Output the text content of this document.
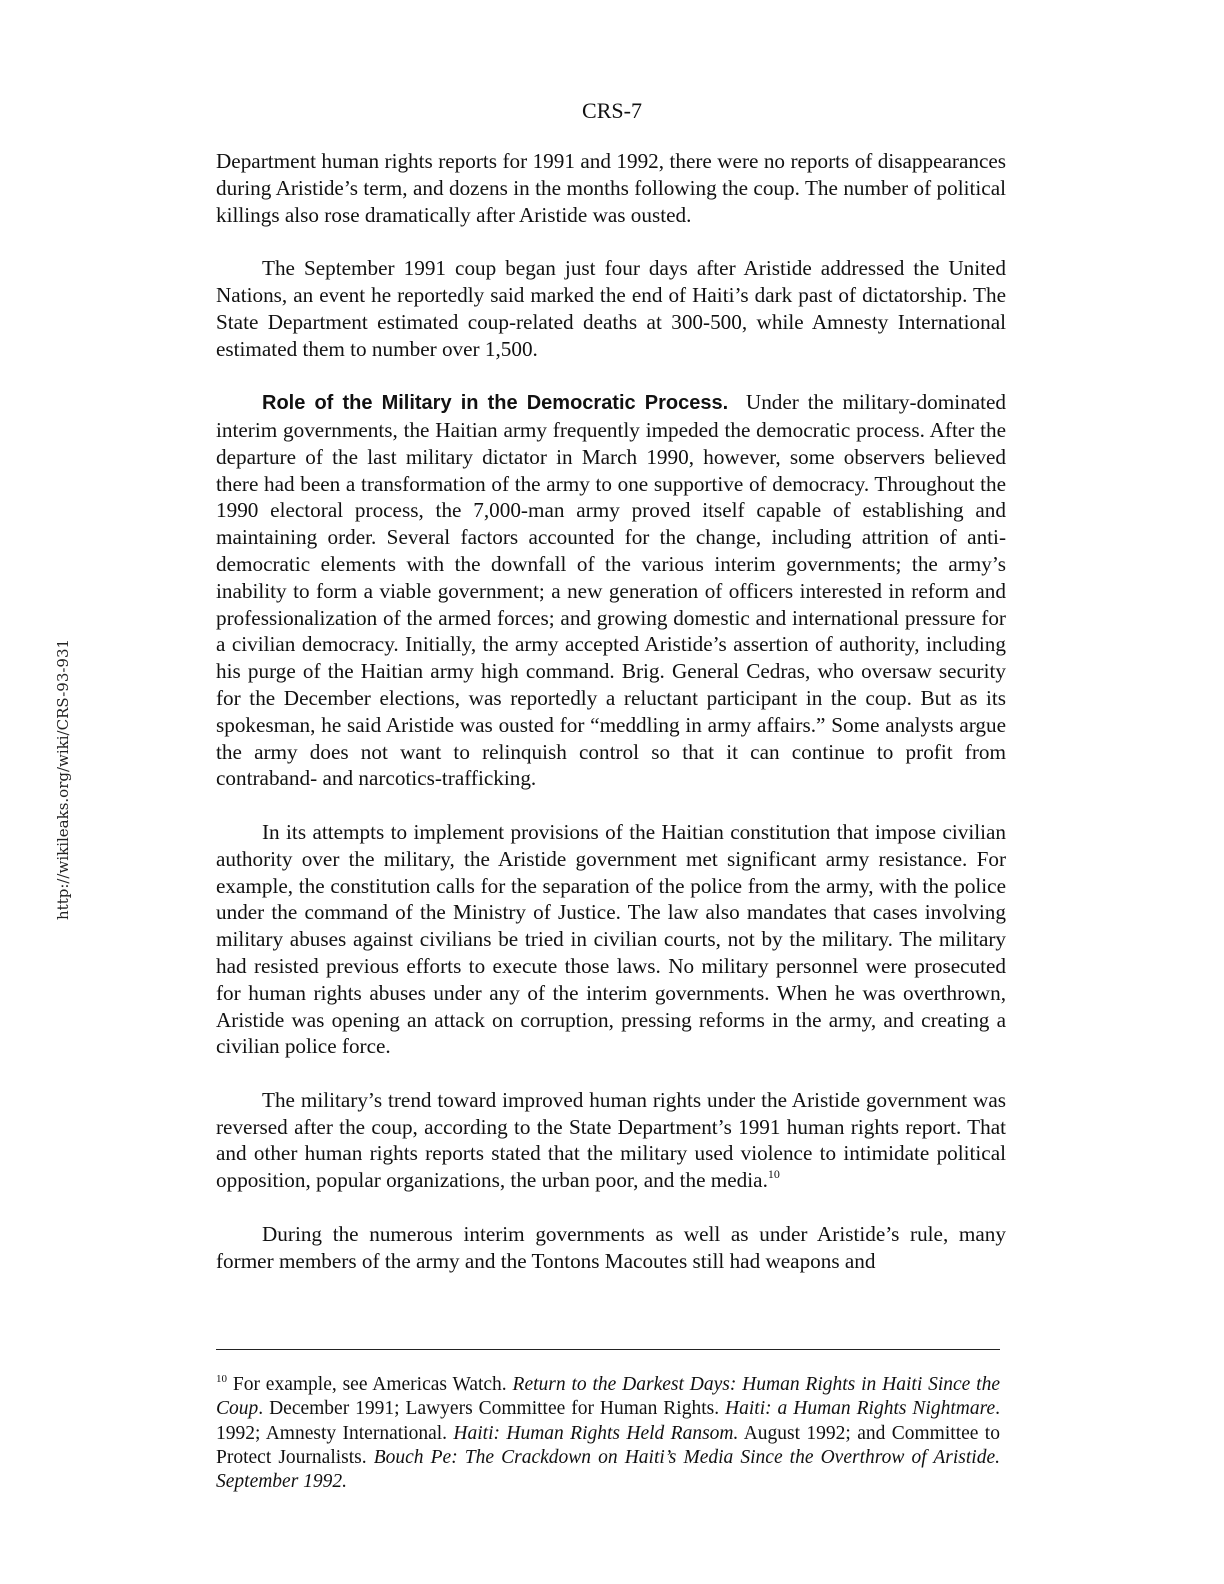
CRS-7
http://wikileaks.org/wiki/CRS-93-931

Department human rights reports for 1991 and 1992, there were no reports of disappearances during Aristide’s term, and dozens in the months following the coup. The number of political killings also rose dramatically after Aristide was ousted.

The September 1991 coup began just four days after Aristide addressed the United Nations, an event he reportedly said marked the end of Haiti’s dark past of dictatorship. The State Department estimated coup-related deaths at 300-500, while Amnesty International estimated them to number over 1,500.

Role of the Military in the Democratic Process. Under the military-dominated interim governments, the Haitian army frequently impeded the democratic process. After the departure of the last military dictator in March 1990, however, some observers believed there had been a transformation of the army to one supportive of democracy. Throughout the 1990 electoral process, the 7,000-man army proved itself capable of establishing and maintaining order. Several factors accounted for the change, including attrition of anti-democratic elements with the downfall of the various interim governments; the army’s inability to form a viable government; a new generation of officers interested in reform and professionalization of the armed forces; and growing domestic and international pressure for a civilian democracy. Initially, the army accepted Aristide’s assertion of authority, including his purge of the Haitian army high command. Brig. General Cedras, who oversaw security for the December elections, was reportedly a reluctant participant in the coup. But as its spokesman, he said Aristide was ousted for “meddling in army affairs.” Some analysts argue the army does not want to relinquish control so that it can continue to profit from contraband- and narcotics-trafficking.

In its attempts to implement provisions of the Haitian constitution that impose civilian authority over the military, the Aristide government met significant army resistance. For example, the constitution calls for the separation of the police from the army, with the police under the command of the Ministry of Justice. The law also mandates that cases involving military abuses against civilians be tried in civilian courts, not by the military. The military had resisted previous efforts to execute those laws. No military personnel were prosecuted for human rights abuses under any of the interim governments. When he was overthrown, Aristide was opening an attack on corruption, pressing reforms in the army, and creating a civilian police force.

The military’s trend toward improved human rights under the Aristide government was reversed after the coup, according to the State Department’s 1991 human rights report. That and other human rights reports stated that the military used violence to intimidate political opposition, popular organizations, the urban poor, and the media.$^{10}$

During the numerous interim governments as well as under Aristide’s rule, many former members of the army and the Tontons Macoutes still had weapons and

$^{10}$ For example, see Americas Watch. Return to the Darkest Days: Human Rights in Haiti Since the Coup. December 1991; Lawyers Committee for Human Rights. Haiti: a Human Rights Nightmare. 1992; Amnesty International. Haiti: Human Rights Held Ransom. August 1992; and Committee to Protect Journalists. Bouch Pe: The Crackdown on Haiti’s Media Since the Overthrow of Aristide. September 1992.
